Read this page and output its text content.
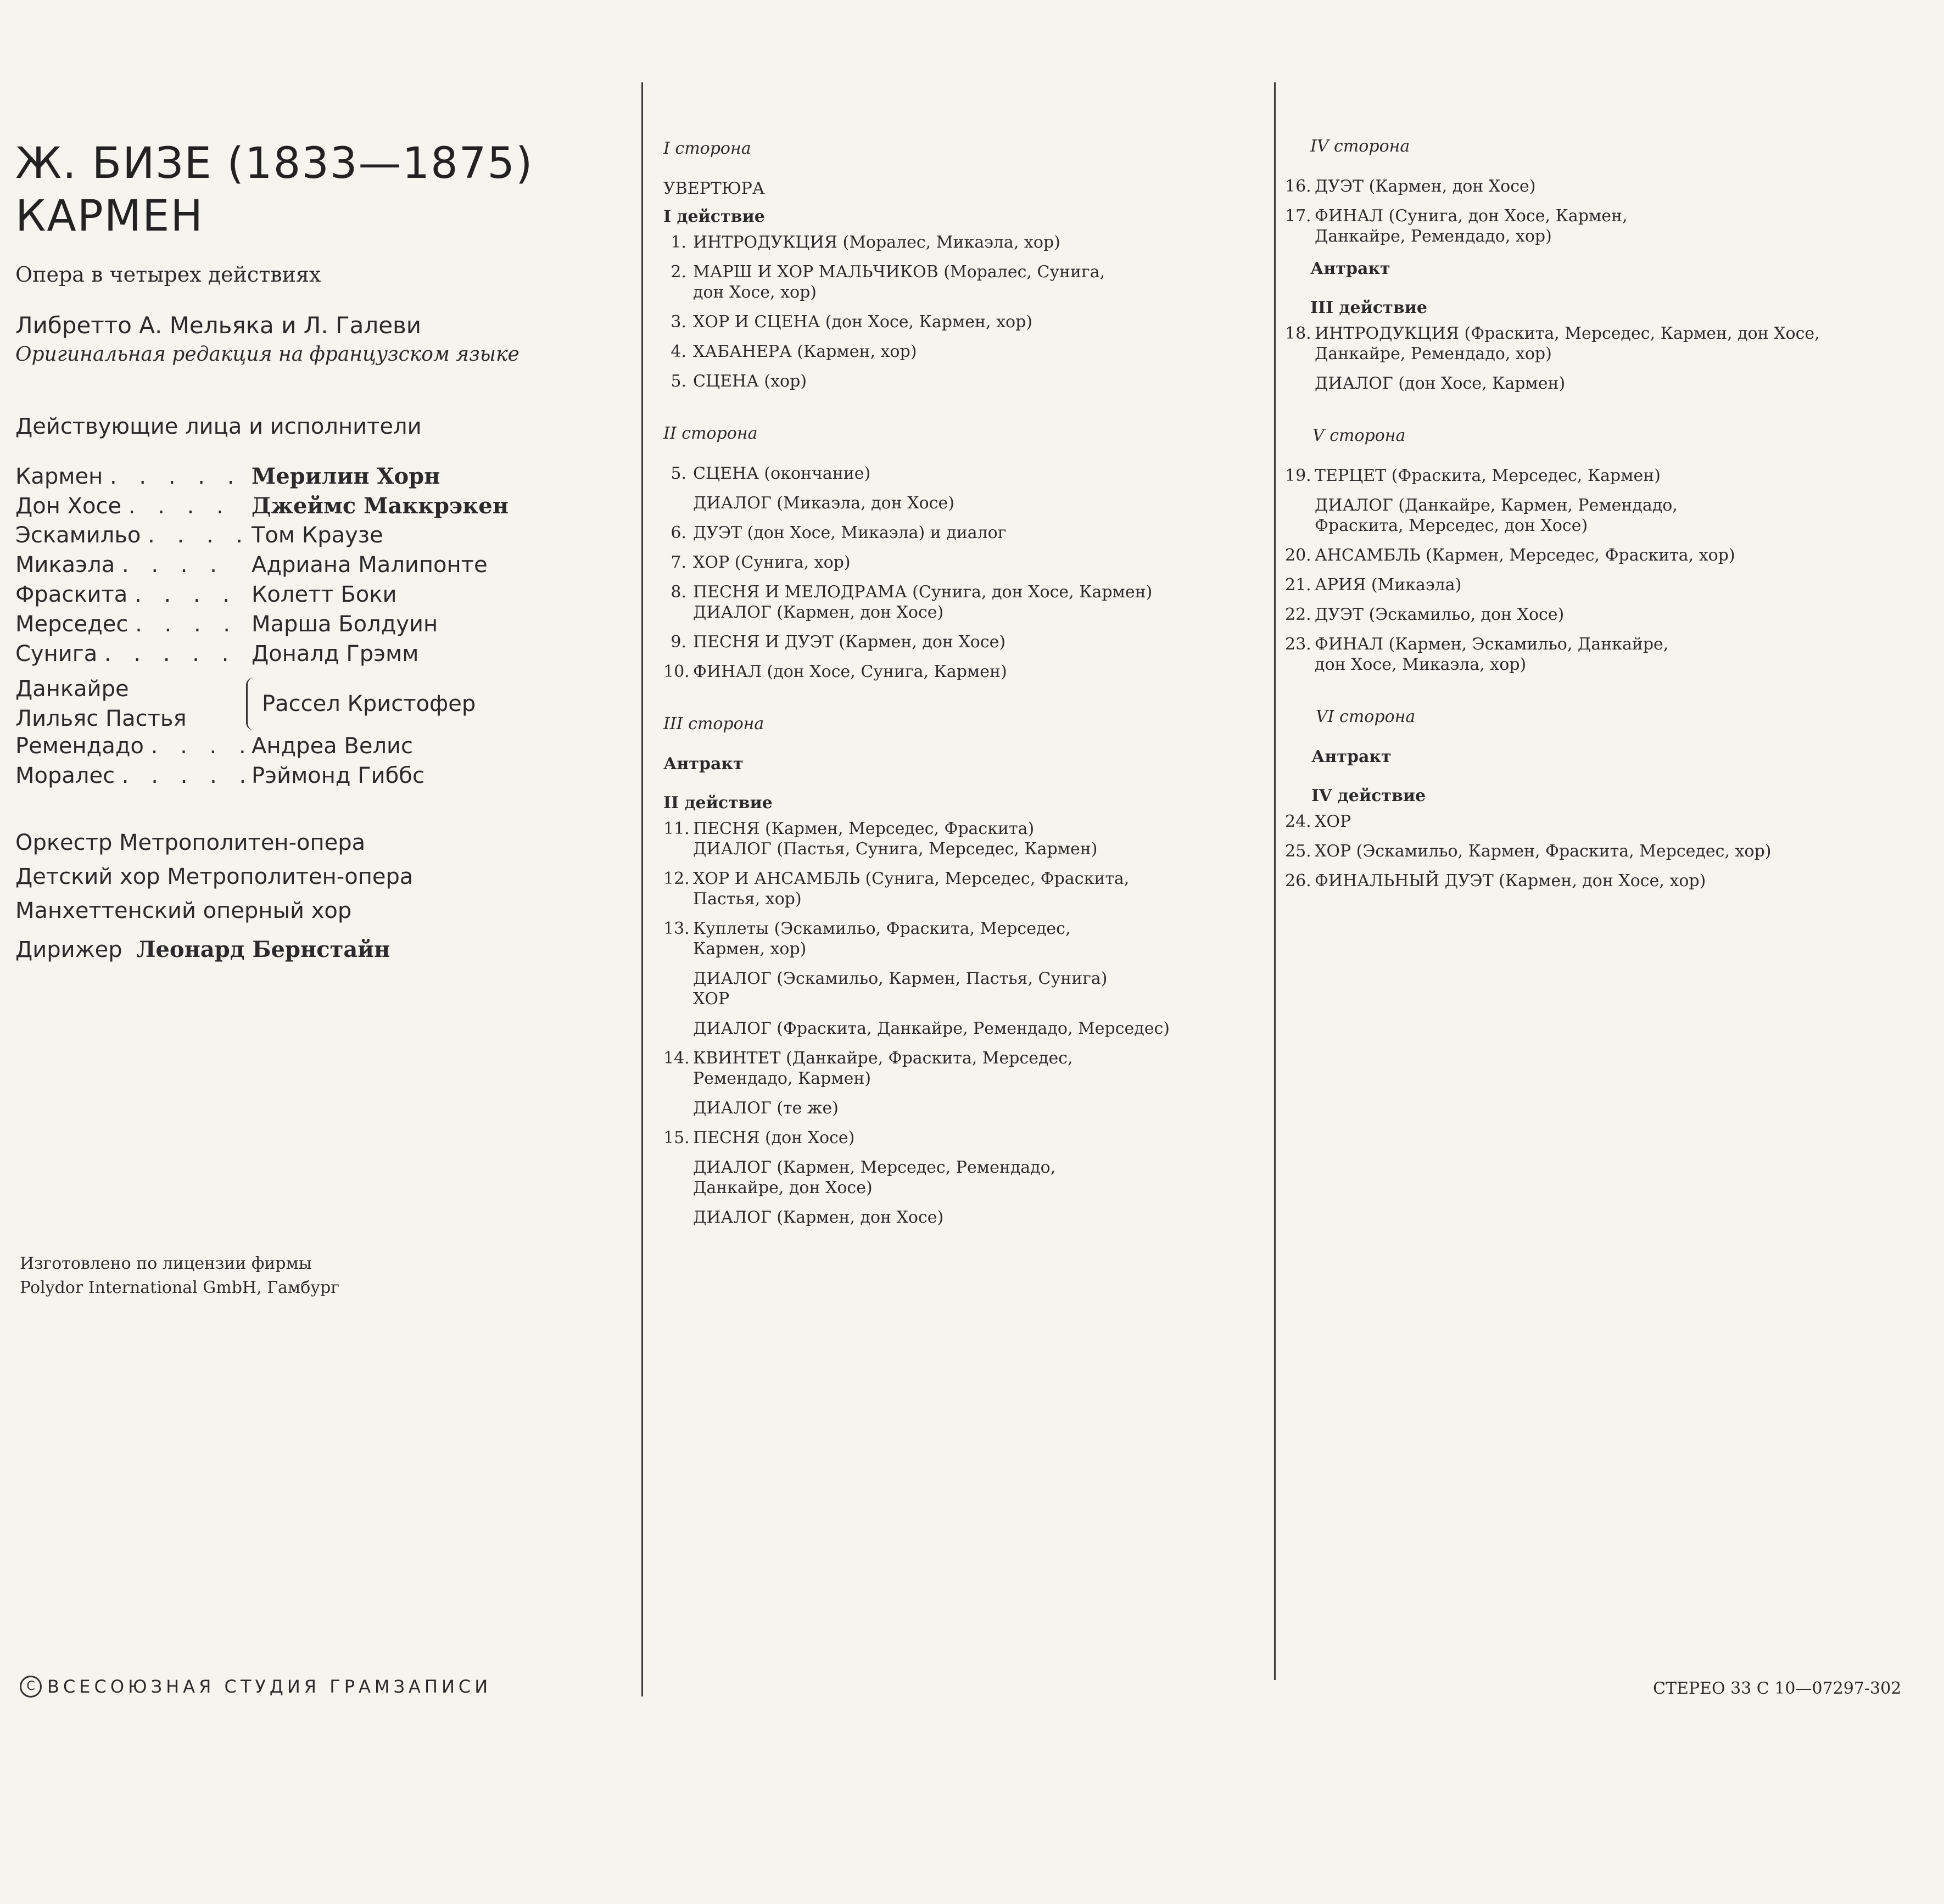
Ж. БИЗЕ (1833—1875)
КАРМЕН
Опера в четырех действиях
Либретто А. Мельяка и Л. Галеви
Оригинальная редакция на французском языке
Действующие лица и исполнители
Кармен . . . . . Мерилин Хорн
Дон Хосе . . . . Джеймс Маккрэкен
Эскамильо . . . . Том Краузе
Микаэла . . . .	Адриана Малипонте
Фраскита . . . . Колетт Боки
Мерседес . . . . Марша Болдуин
Сунига . . . . . Доналд Грэмм
Данкайре
Лильяс Пастья
Рассел Кристофер
Ремендадо . . . .
Андреа Велис
Моралес . . . . .
Рэймонд Гиббс
Оркестр Метрополитен-опера
Детский хор Метрополитен-опера
Манхеттенский оперный хор
Дирижер Леонард Бернстайн
Изготовлено по лицензии фирмы
Polydor International GmbH, Гамбург
C ВСЕСОЮЗНАЯ СТУДИЯ ГРАМЗАПИСИ	СТЕРЕО 33 С 10—07297-302
I сторона
УВЕРТЮРА
I действие
1. ИНТРОДУКЦИЯ (Моралес, Микаэла, хор)
2. МАРШ И ХОР МАЛЬЧИКОВ (Моралес, Сунига,
дон Хосе, хор)
3. ХОР И СЦЕНА (дон Хосе, Кармен, хор)
4. ХАБАНЕРА (Кармен, хор)
5. СЦЕНА (хор)
II сторона
5. СЦЕНА (окончание)
ДИАЛОГ (Микаэла, дон Хосе)
6. ДУЭТ (дон Хосе, Микаэла) и диалог
7. ХОР (Сунига, хор)
8. ПЕСНЯ И МЕЛОДРАМА (Сунига, дон Хосе, Кармен)
ДИАЛОГ (Кармен, дон Хосе)
9. ПЕСНЯ И ДУЭТ (Кармен, дон Хосе)
10. ФИНАЛ (дон Хосе, Сунига, Кармен)
III сторона
Антракт
II действие
11. ПЕСНЯ (Кармен, Мерседес, Фраскита)
ДИАЛОГ (Пастья, Сунига, Мерседес, Кармен)
12. ХОР И АНСАМБЛЬ (Сунига, Мерседес, Фраскита,
Пастья, хор)
13. Куплеты (Эскамильо, Фраскита, Мерседес,
Кармен, хор)
ДИАЛОГ (Эскамильо, Кармен, Пастья, Сунига)
ХОР
ДИАЛОГ (Фраскита, Данкайре, Ремендадо, Мерседес)
14. КВИНТЕТ (Данкайре, Фраскита, Мерседес,
Ремендадо, Кармен)
ДИАЛОГ (те же)
15. ПЕСНЯ (дон Хосе)
ДИАЛОГ (Кармен, Мерседес, Ремендадо,
Данкайре, дон Хосе)
ДИАЛОГ (Кармен, дон Хосе)
IV сторона
16. ДУЭТ (Кармен, дон Хосе)
17. ФИНАЛ (Сунига, дон Хосе, Кармен,
Данкайре, Ремендадо, хор)
Антракт
III действие
18. ИНТРОДУКЦИЯ (Фраскита, Мерседес, Кармен, дон Хосе,
Данкайре, Ремендадо, хор)
ДИАЛОГ (дон Хосе, Кармен)
V сторона
19. ТЕРЦЕТ (Фраскита, Мерседес, Кармен)
ДИАЛОГ (Данкайре, Кармен, Ремендадо,
Фраскита, Мерседес, дон Хосе)
20. АНСАМБЛЬ (Кармен, Мерседес, Фраскита, хор)
21. АРИЯ (Микаэла)
22. ДУЭТ (Эскамильо, дон Хосе)
23. ФИНАЛ (Кармен, Эскамильо, Данкайре,
дон Хосе, Микаэла, хор)
VI сторона
Антракт
IV действие
24. ХОР
25. ХОР (Эскамильо, Кармен, Фраскита, Мерседес, хор)
26. ФИНАЛЬНЫЙ ДУЭТ (Кармен, дон Хосе, хор)
